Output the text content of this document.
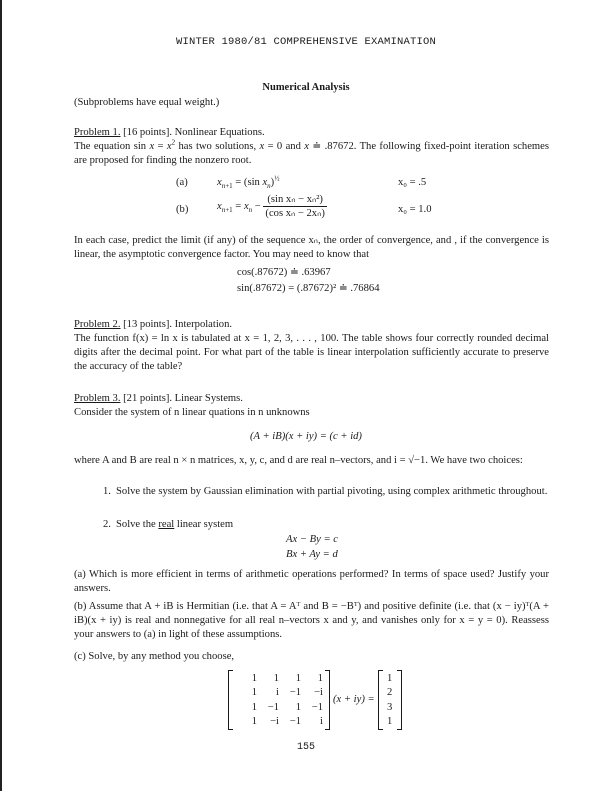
WINTER 1980/81 COMPREHENSIVE EXAMINATION
Numerical Analysis
(Subproblems have equal weight.)
Problem 1. [16 points]. Nonlinear Equations.
The equation $\sin x = x^2$ has two solutions, x = 0 and x ≐ .87672. The following fixed-point iteration schemes are proposed for finding the nonzero root.
(a)	$x_{n+1} = (\sin$ $x_n)^{\frac{1}{2}}$	x₀ = .5
(b)	$x_{n+1} = x_n - \frac{\text{(sin xₙ − xₙ²)}}{\text{(cos xₙ − 2xₙ)}}$	x₀ = 1.0
In each case, predict the limit (if any) of the sequence xₙ, the order of convergence, and , if the convergence is linear, the asymptotic convergence factor. You may need to know that
cos(.87672) ≐ .63967
sin(.87672) = (.87672)² ≐ .76864
Problem 2. [13 points]. Interpolation.
The function f(x) = ln x is tabulated at x = 1, 2, 3, . . . , 100. The table shows four correctly rounded decimal digits after the decimal point. For what part of the table is linear interpolation sufficiently accurate to preserve the accuracy of the table?
Problem 3. [21 points]. Linear Systems.
Consider the system of n linear quations in n unknowns
(A + iB)(x + iy) = (c + id)
where A and B are real n × n matrices, x, y, c, and d are real n–vectors, and i = √−1. We have two choices:
1. Solve the system by Gaussian elimination with partial pivoting, using complex arithmetic throughout.
2. Solve the real linear system
Ax − By = c
Bx + Ay = d
(a) Which is more efficient in terms of arithmetic operations performed? In terms of space used? Justify your answers.
(b) Assume that A + iB is Hermitian (i.e. that A = Aᵀ and B = −Bᵀ) and positive definite (i.e. that (x − iy)ᵀ(A + iB)(x + iy) is real and nonnegative for all real n–vectors x and y, and vanishes only for x = y = 0). Reassess your answers to (a) in light of these assumptions.
(c) Solve, by any method you choose,
1	1	1	1
1	i	−1	−i
1	−1	1	−1
1	−i	−1	i
(x + iy) =
1
2
3
1
155
